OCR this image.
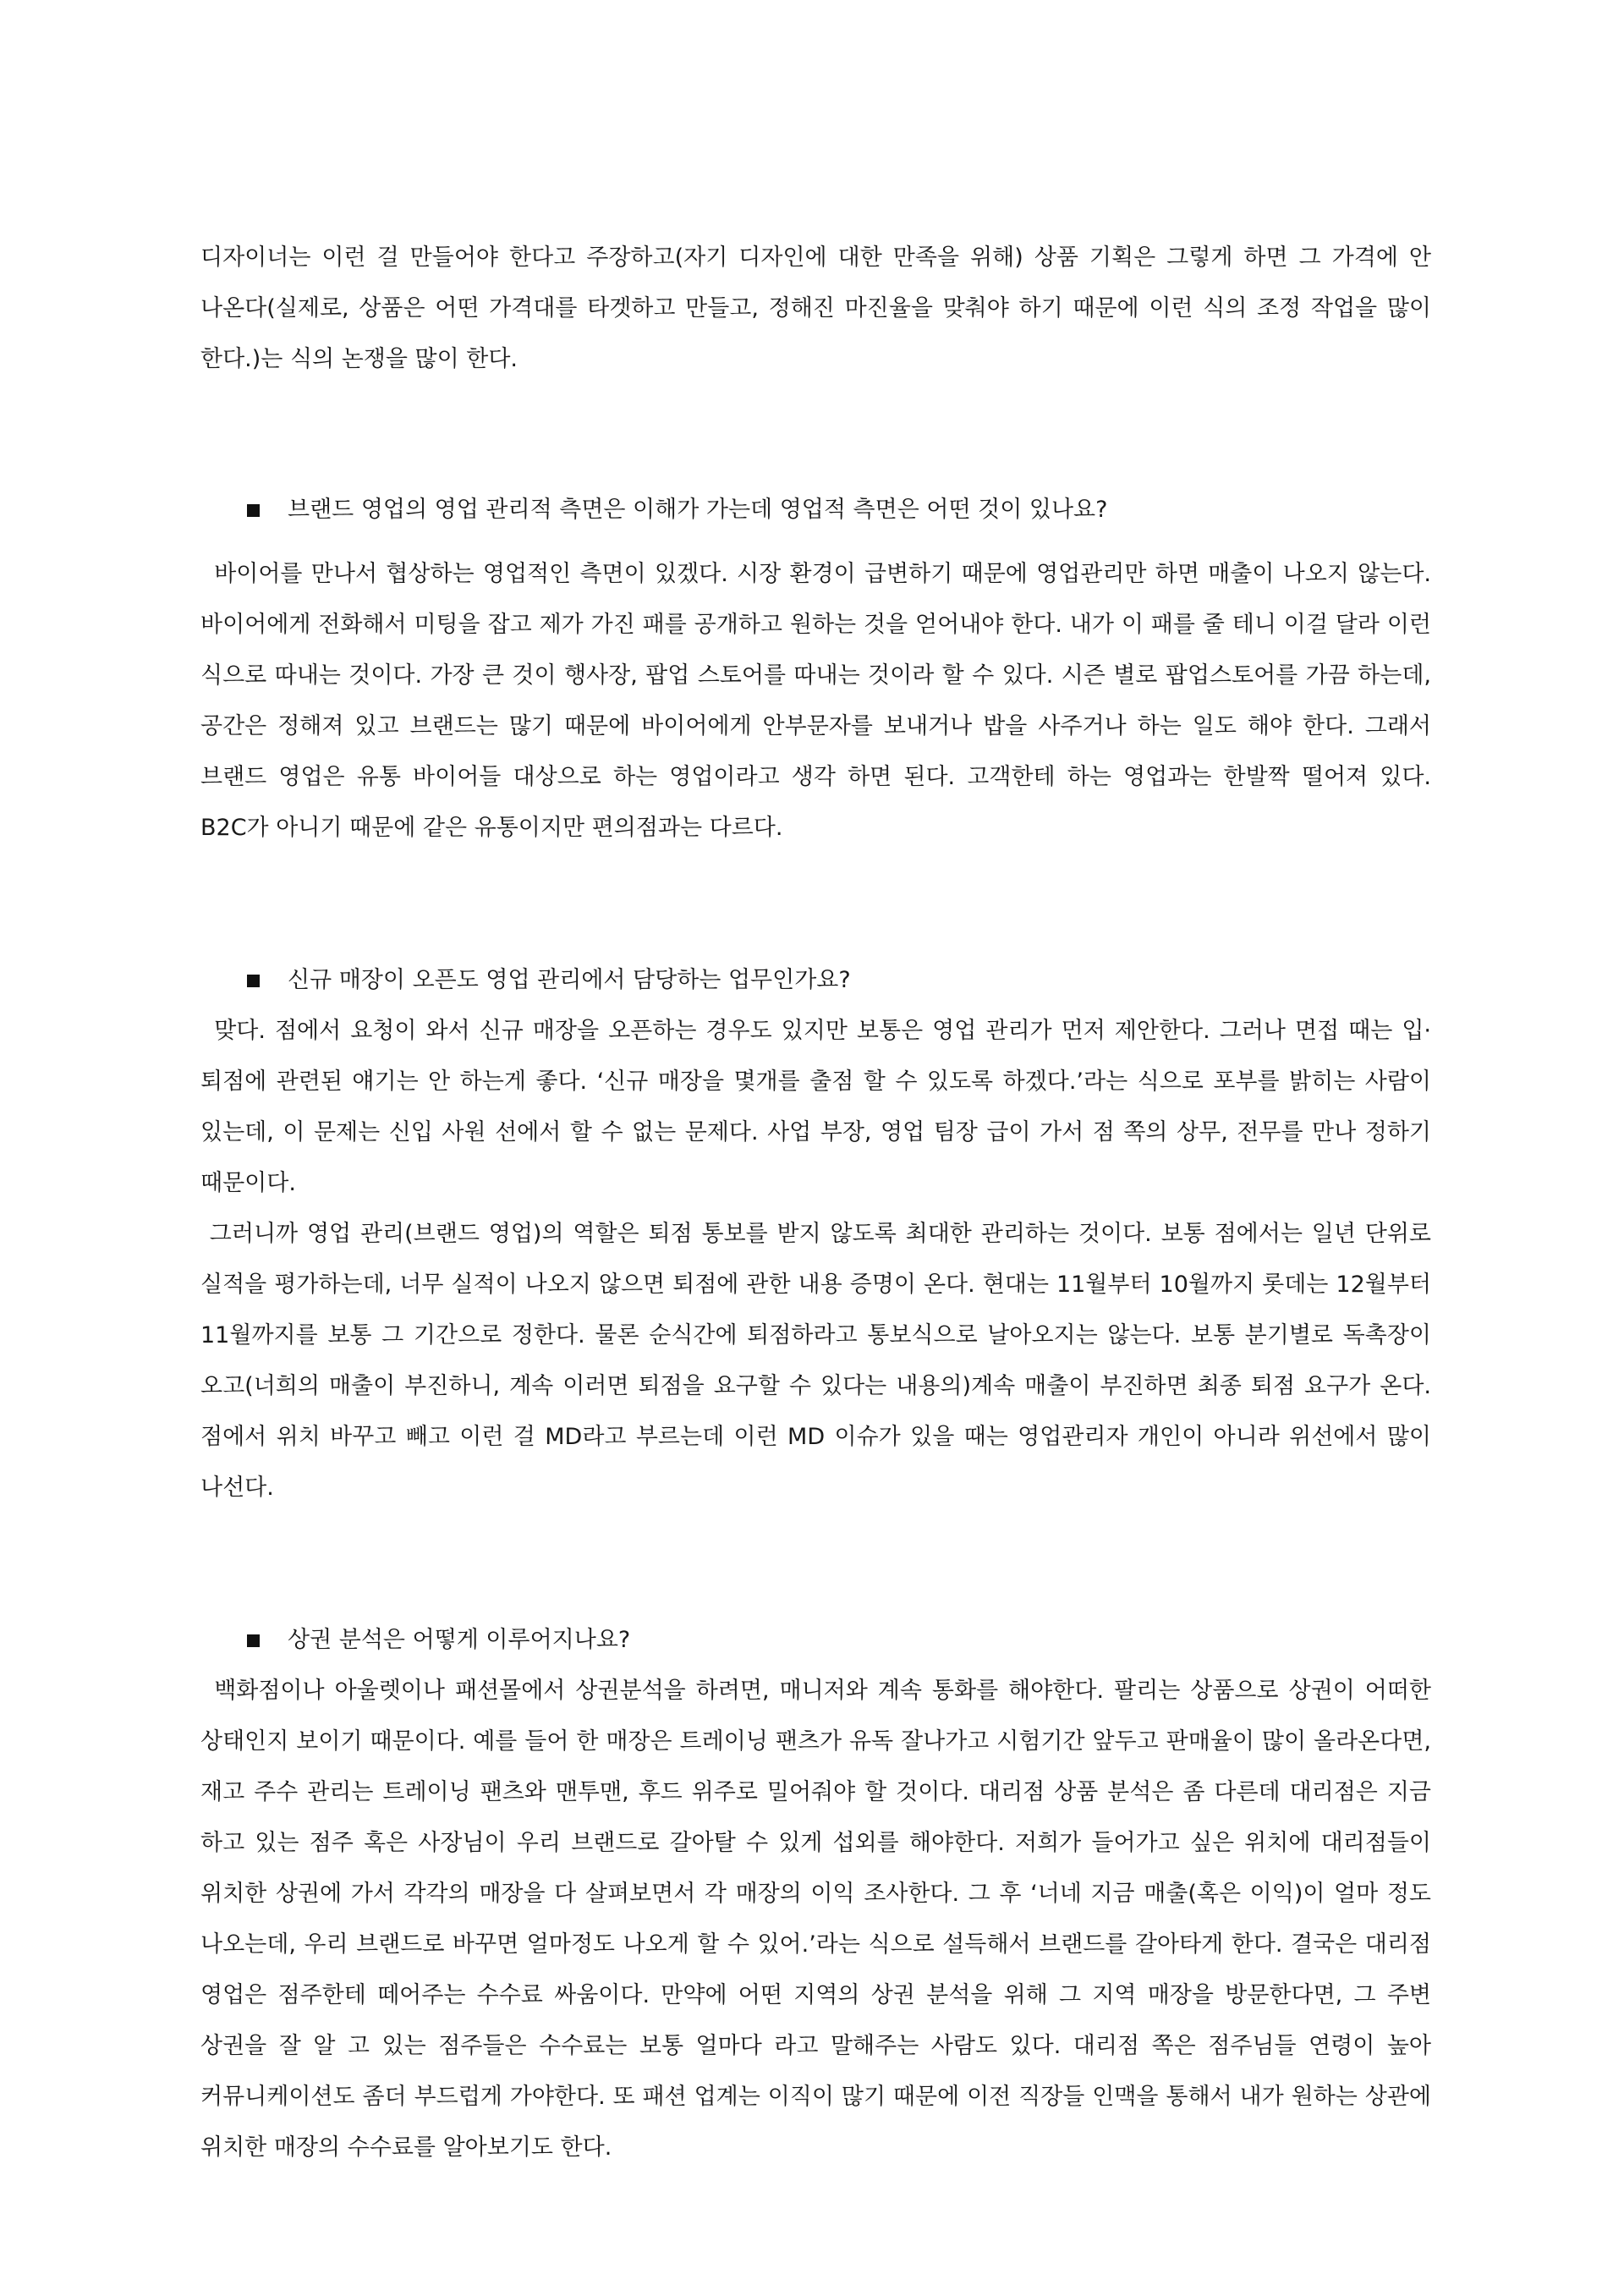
디자이너는 이런 걸 만들어야 한다고 주장하고(자기 디자인에 대한 만족을 위해) 상품 기획은 그렇게 하면 그 가격에 안 나온다(실제로, 상품은 어떤 가격대를 타겟하고 만들고, 정해진 마진율을 맞춰야 하기 때문에 이런 식의 조정 작업을 많이 한다.)는 식의 논쟁을 많이 한다.

브랜드 영업의 영업 관리적 측면은 이해가 가는데 영업적 측면은 어떤 것이 있나요?

바이어를 만나서 협상하는 영업적인 측면이 있겠다. 시장 환경이 급변하기 때문에 영업관리만 하면 매출이 나오지 않는다. 바이어에게 전화해서 미팅을 잡고 제가 가진 패를 공개하고 원하는 것을 얻어내야 한다. 내가 이 패를 줄 테니 이걸 달라 이런 식으로 따내는 것이다. 가장 큰 것이 행사장, 팝업 스토어를 따내는 것이라 할 수 있다. 시즌 별로 팝업스토어를 가끔 하는데, 공간은 정해져 있고 브랜드는 많기 때문에 바이어에게 안부문자를 보내거나 밥을 사주거나 하는 일도 해야 한다. 그래서 브랜드 영업은 유통 바이어들 대상으로 하는 영업이라고 생각 하면 된다. 고객한테 하는 영업과는 한발짝 떨어져 있다. B2C가 아니기 때문에 같은 유통이지만 편의점과는 다르다.

신규 매장이 오픈도 영업 관리에서 담당하는 업무인가요?

맞다. 점에서 요청이 와서 신규 매장을 오픈하는 경우도 있지만 보통은 영업 관리가 먼저 제안한다. 그러나 면접 때는 입·퇴점에 관련된 얘기는 안 하는게 좋다. ‘신규 매장을 몇개를 출점 할 수 있도록 하겠다.’라는 식으로 포부를 밝히는 사람이 있는데, 이 문제는 신입 사원 선에서 할 수 없는 문제다. 사업 부장, 영업 팀장 급이 가서 점 쪽의 상무, 전무를 만나 정하기 때문이다.

그러니까 영업 관리(브랜드 영업)의 역할은 퇴점 통보를 받지 않도록 최대한 관리하는 것이다. 보통 점에서는 일년 단위로 실적을 평가하는데, 너무 실적이 나오지 않으면 퇴점에 관한 내용 증명이 온다. 현대는 11월부터 10월까지 롯데는 12월부터 11월까지를 보통 그 기간으로 정한다. 물론 순식간에 퇴점하라고 통보식으로 날아오지는 않는다. 보통 분기별로 독촉장이 오고(너희의 매출이 부진하니, 계속 이러면 퇴점을 요구할 수 있다는 내용의)계속 매출이 부진하면 최종 퇴점 요구가 온다. 점에서 위치 바꾸고 빼고 이런 걸 MD라고 부르는데 이런 MD 이슈가 있을 때는 영업관리자 개인이 아니라 위선에서 많이 나선다.

상권 분석은 어떻게 이루어지나요?

백화점이나 아울렛이나 패션몰에서 상권분석을 하려면, 매니저와 계속 통화를 해야한다. 팔리는 상품으로 상권이 어떠한 상태인지 보이기 때문이다. 예를 들어 한 매장은 트레이닝 팬츠가 유독 잘나가고 시험기간 앞두고 판매율이 많이 올라온다면, 재고 주수 관리는 트레이닝 팬츠와 맨투맨, 후드 위주로 밀어줘야 할 것이다. 대리점 상품 분석은 좀 다른데 대리점은 지금 하고 있는 점주 혹은 사장님이 우리 브랜드로 갈아탈 수 있게 섭외를 해야한다. 저희가 들어가고 싶은 위치에 대리점들이 위치한 상권에 가서 각각의 매장을 다 살펴보면서 각 매장의 이익 조사한다. 그 후 ‘너네 지금 매출(혹은 이익)이 얼마 정도 나오는데, 우리 브랜드로 바꾸면 얼마정도 나오게 할 수 있어.’라는 식으로 설득해서 브랜드를 갈아타게 한다. 결국은 대리점 영업은 점주한테 떼어주는 수수료 싸움이다. 만약에 어떤 지역의 상권 분석을 위해 그 지역 매장을 방문한다면, 그 주변 상권을 잘 알 고 있는 점주들은 수수료는 보통 얼마다 라고 말해주는 사람도 있다. 대리점 쪽은 점주님들 연령이 높아 커뮤니케이션도 좀더 부드럽게 가야한다. 또 패션 업계는 이직이 많기 때문에 이전 직장들 인맥을 통해서 내가 원하는 상관에 위치한 매장의 수수료를 알아보기도 한다.
